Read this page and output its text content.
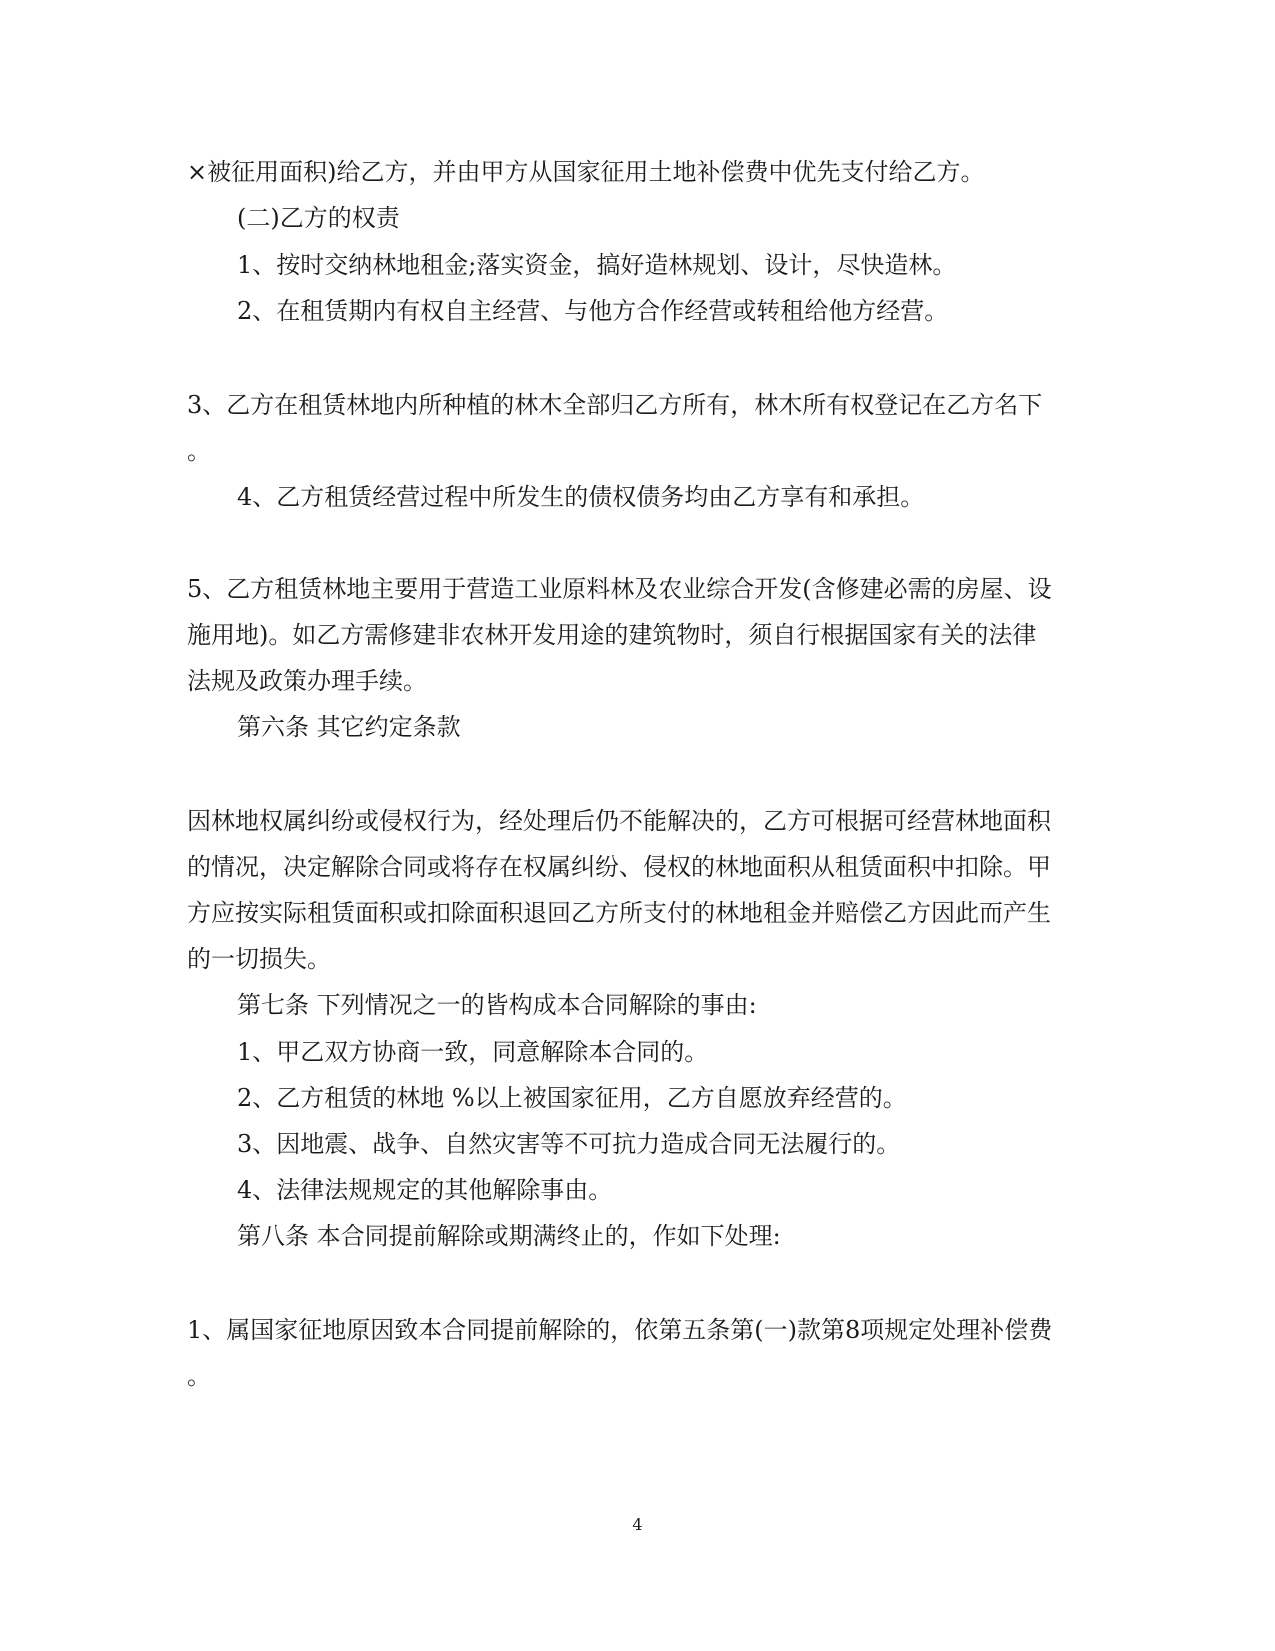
×被征用面积)给乙方，并由甲方从国家征用土地补偿费中优先支付给乙方。
(二)乙方的权责
1、按时交纳林地租金;落实资金，搞好造林规划、设计，尽快造林。
2、在租赁期内有权自主经营、与他方合作经营或转租给他方经营。
3、乙方在租赁林地内所种植的林木全部归乙方所有，林木所有权登记在乙方名下
。
4、乙方租赁经营过程中所发生的债权债务均由乙方享有和承担。
5、乙方租赁林地主要用于营造工业原料林及农业综合开发(含修建必需的房屋、设
施用地)。如乙方需修建非农林开发用途的建筑物时，须自行根据国家有关的法律
法规及政策办理手续。
第六条 其它约定条款
因林地权属纠纷或侵权行为，经处理后仍不能解决的，乙方可根据可经营林地面积
的情况，决定解除合同或将存在权属纠纷、侵权的林地面积从租赁面积中扣除。甲
方应按实际租赁面积或扣除面积退回乙方所支付的林地租金并赔偿乙方因此而产生
的一切损失。
第七条 下列情况之一的皆构成本合同解除的事由:
1、甲乙双方协商一致，同意解除本合同的。
2、乙方租赁的林地 %以上被国家征用，乙方自愿放弃经营的。
3、因地震、战争、自然灾害等不可抗力造成合同无法履行的。
4、法律法规规定的其他解除事由。
第八条 本合同提前解除或期满终止的，作如下处理:
1、属国家征地原因致本合同提前解除的，依第五条第(一)款第8项规定处理补偿费
。
4
